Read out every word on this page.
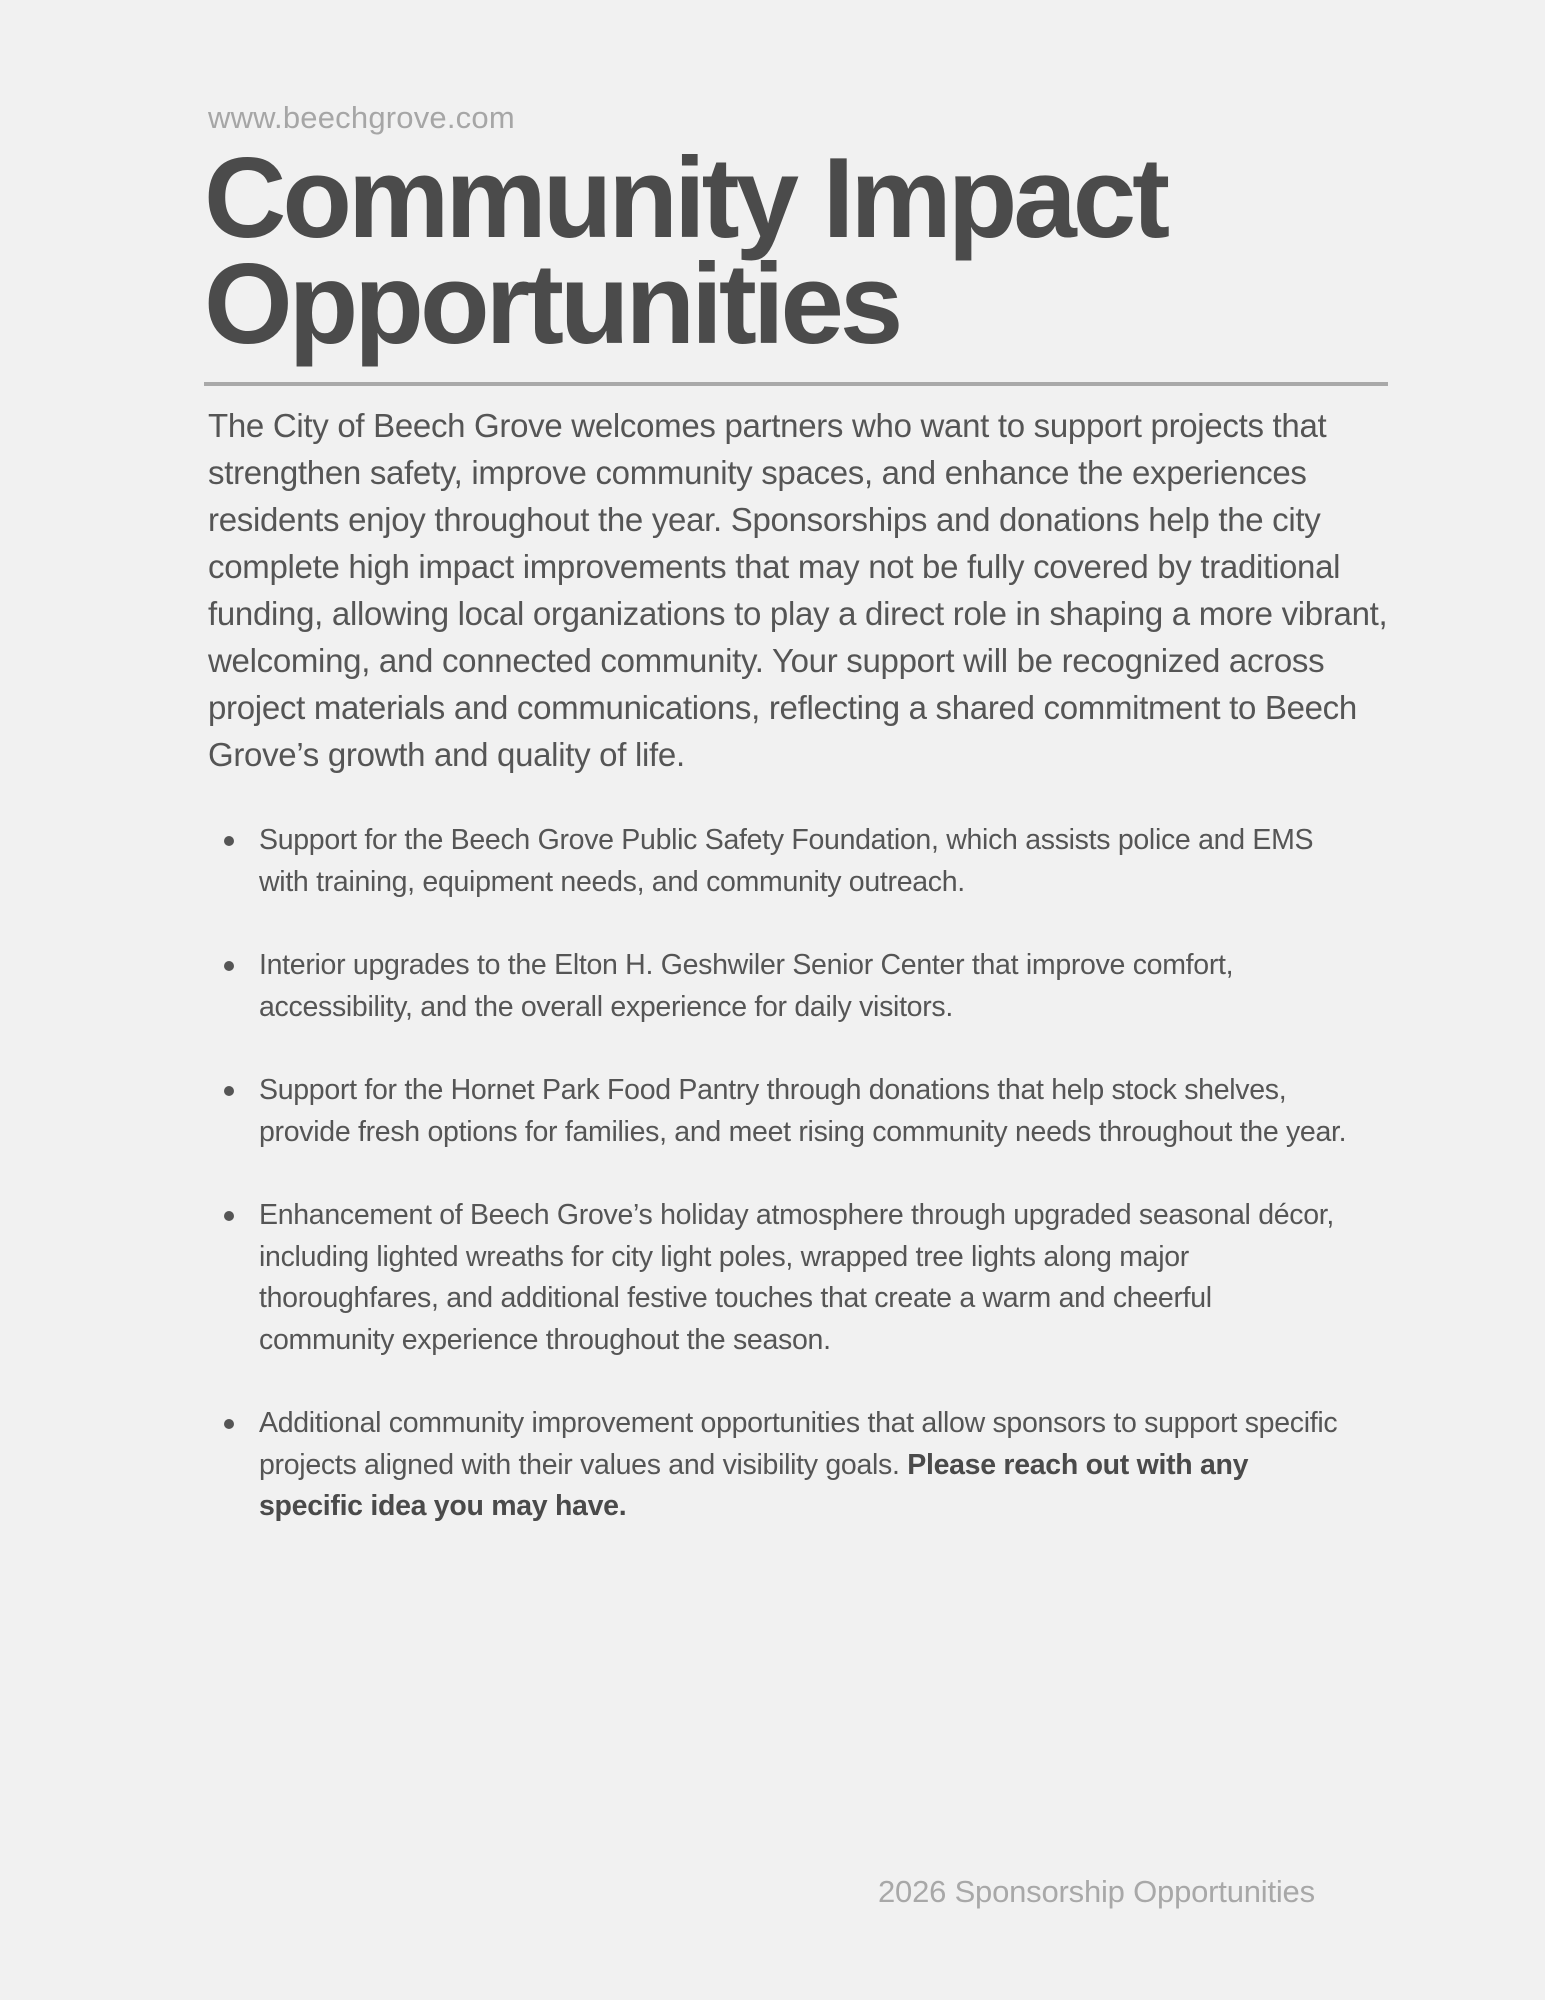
www.beechgrove.com
Community Impact
Opportunities

The City of Beech Grove welcomes partners who want to support projects that strengthen safety, improve community spaces, and enhance the experiences residents enjoy throughout the year. Sponsorships and donations help the city complete high impact improvements that may not be fully covered by traditional funding, allowing local organizations to play a direct role in shaping a more vibrant, welcoming, and connected community. Your support will be recognized across project materials and communications, reflecting a shared commitment to Beech Grove’s growth and quality of life.

Support for the Beech Grove Public Safety Foundation, which assists police and EMS with training, equipment needs, and community outreach.
Interior upgrades to the Elton H. Geshwiler Senior Center that improve comfort, accessibility, and the overall experience for daily visitors.
Support for the Hornet Park Food Pantry through donations that help stock shelves, provide fresh options for families, and meet rising community needs throughout the year.
Enhancement of Beech Grove’s holiday atmosphere through upgraded seasonal décor, including lighted wreaths for city light poles, wrapped tree lights along major thoroughfares, and additional festive touches that create a warm and cheerful community experience throughout the season.
Additional community improvement opportunities that allow sponsors to support specific projects aligned with their values and visibility goals. Please reach out with any specific idea you may have.
2026 Sponsorship Opportunities
